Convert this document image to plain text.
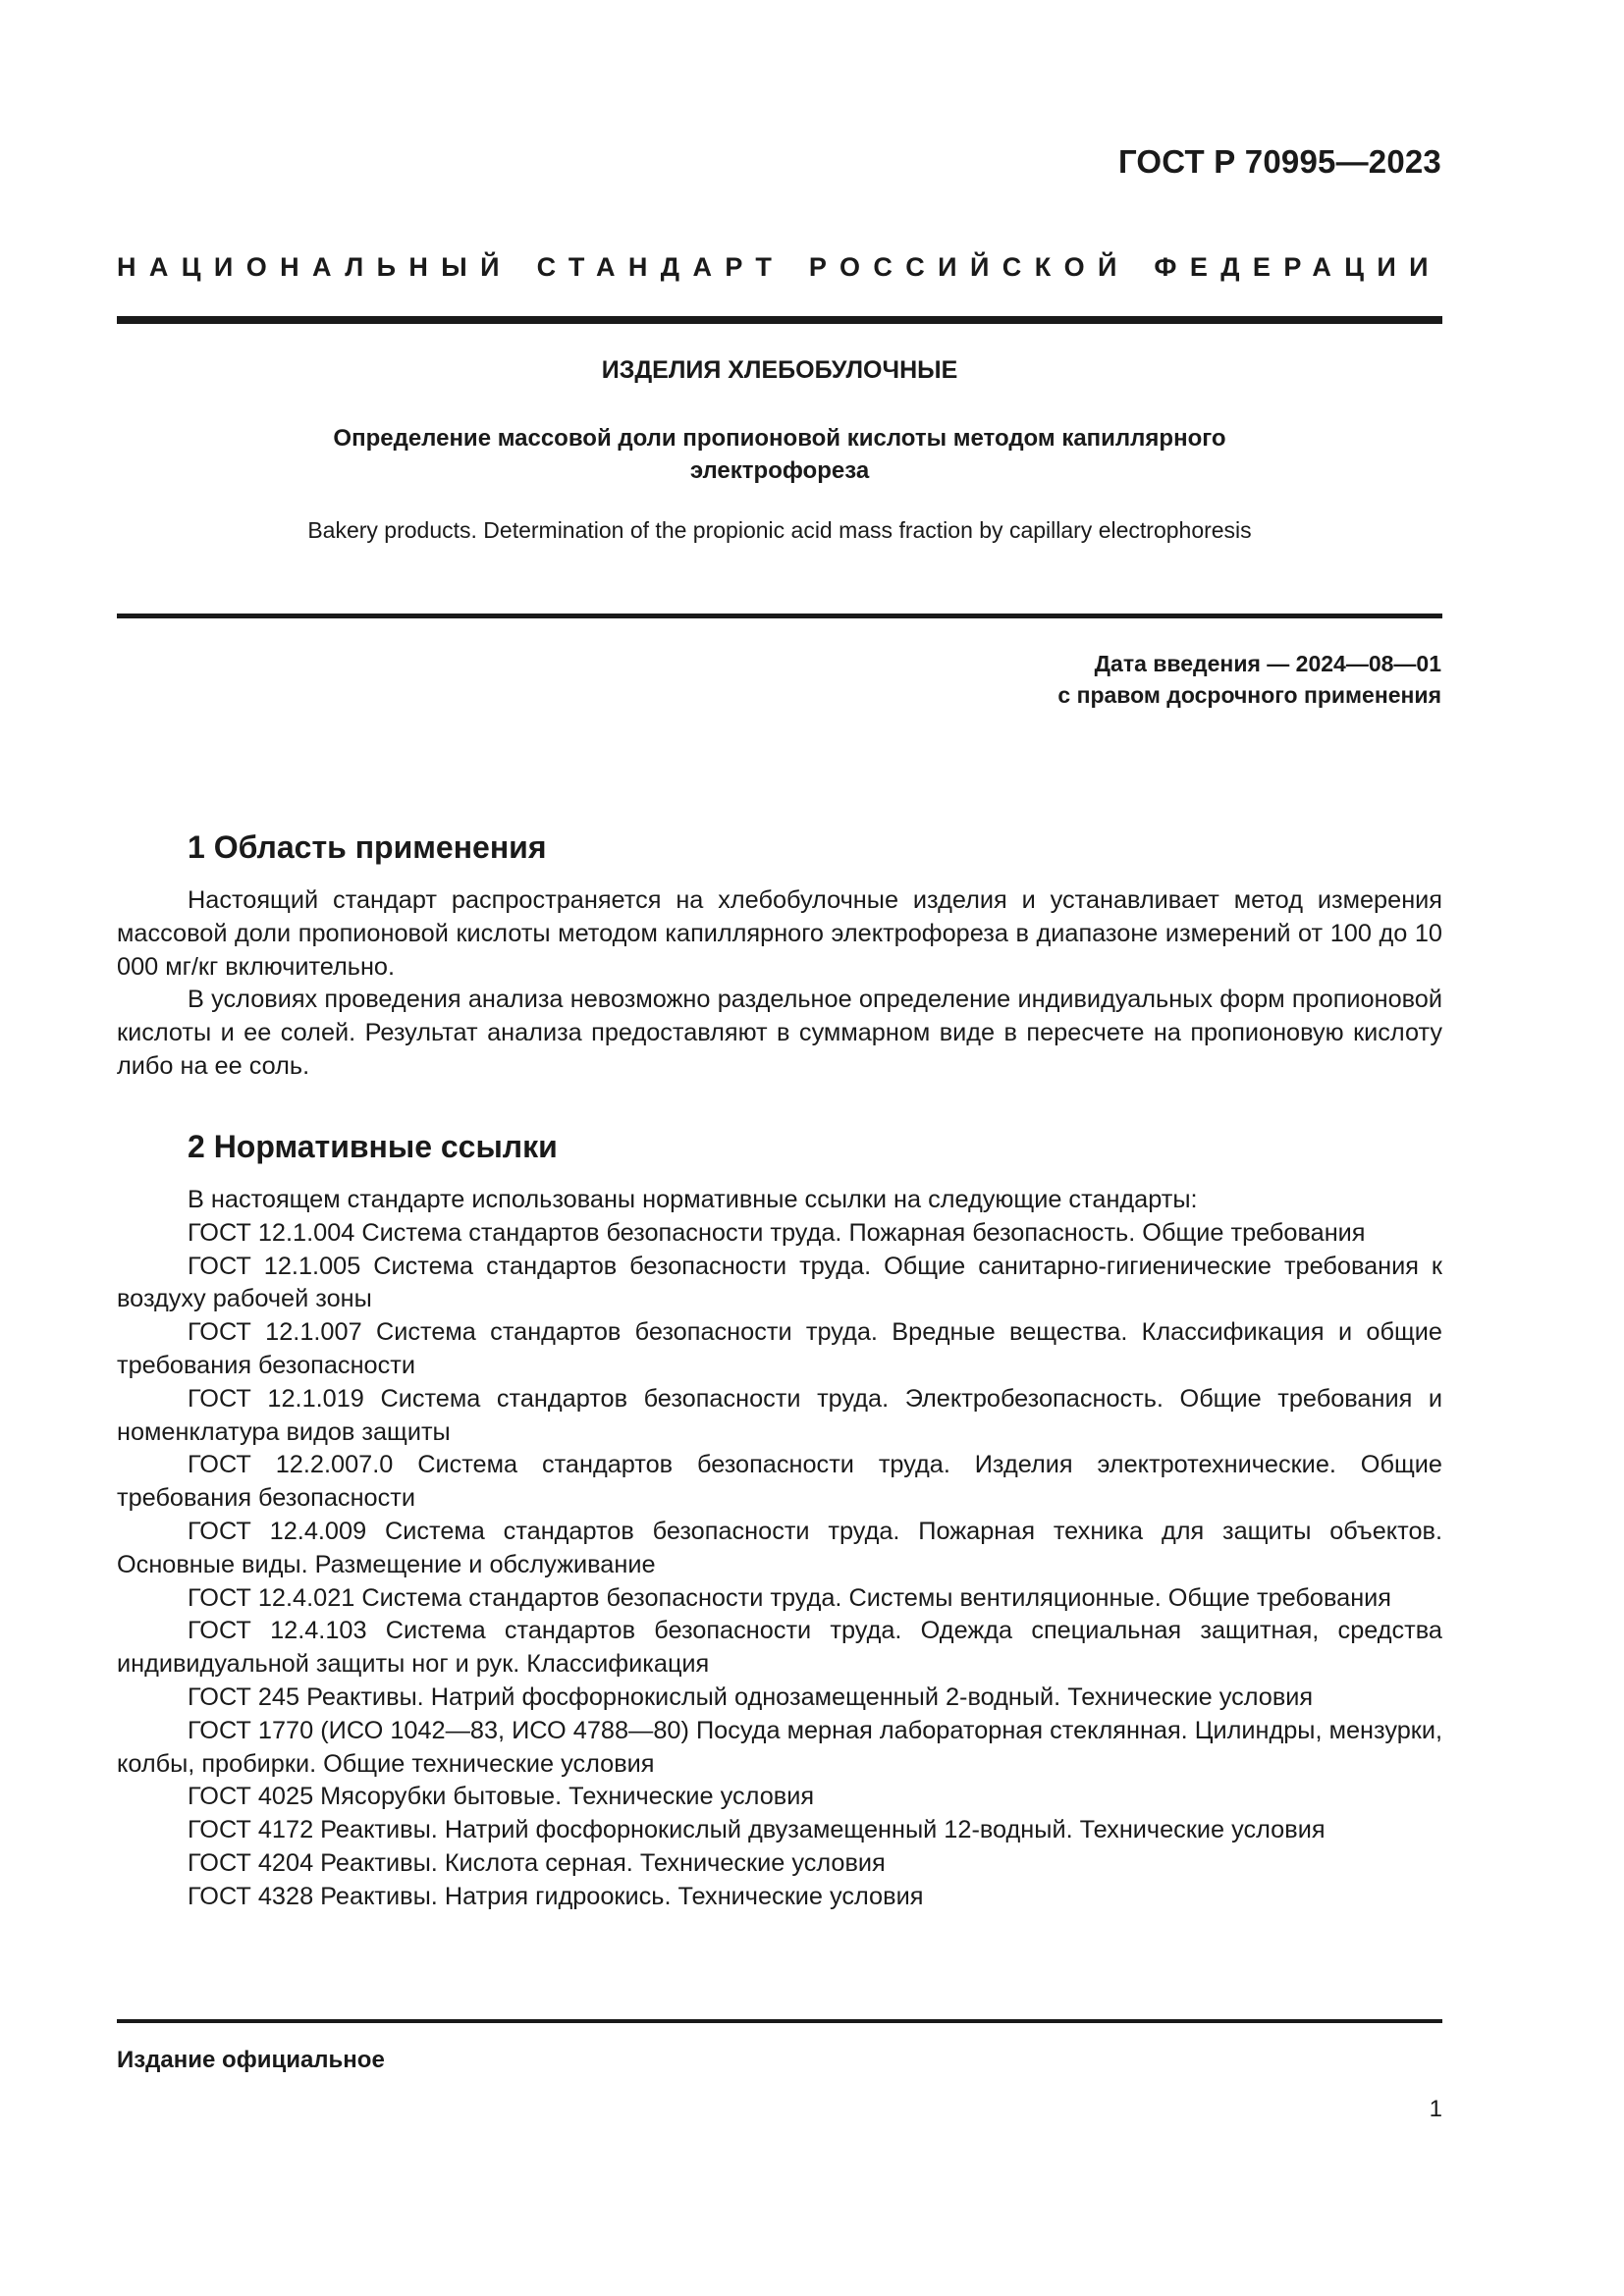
ГОСТ Р 70995—2023
НАЦИОНАЛЬНЫЙ СТАНДАРТ РОССИЙСКОЙ ФЕДЕРАЦИИ
ИЗДЕЛИЯ ХЛЕБОБУЛОЧНЫЕ
Определение массовой доли пропионовой кислоты методом капиллярного электрофореза
Bakery products. Determination of the propionic acid mass fraction by capillary electrophoresis
Дата введения — 2024—08—01
с правом досрочного применения
1 Область применения

Настоящий стандарт распространяется на хлебобулочные изделия и устанавливает метод измерения массовой доли пропионовой кислоты методом капиллярного электрофореза в диапазоне измерений от 100 до 10 000 мг/кг включительно.

В условиях проведения анализа невозможно раздельное определение индивидуальных форм пропионовой кислоты и ее солей. Результат анализа предоставляют в суммарном виде в пересчете на пропионовую кислоту либо на ее соль.

2 Нормативные ссылки

В настоящем стандарте использованы нормативные ссылки на следующие стандарты:

ГОСТ 12.1.004 Система стандартов безопасности труда. Пожарная безопасность. Общие требования

ГОСТ 12.1.005 Система стандартов безопасности труда. Общие санитарно-гигиенические требования к воздуху рабочей зоны

ГОСТ 12.1.007 Система стандартов безопасности труда. Вредные вещества. Классификация и общие требования безопасности

ГОСТ 12.1.019 Система стандартов безопасности труда. Электробезопасность. Общие требования и номенклатура видов защиты

ГОСТ 12.2.007.0 Система стандартов безопасности труда. Изделия электротехнические. Общие требования безопасности

ГОСТ 12.4.009 Система стандартов безопасности труда. Пожарная техника для защиты объектов. Основные виды. Размещение и обслуживание

ГОСТ 12.4.021 Система стандартов безопасности труда. Системы вентиляционные. Общие требования

ГОСТ 12.4.103 Система стандартов безопасности труда. Одежда специальная защитная, средства индивидуальной защиты ног и рук. Классификация

ГОСТ 245 Реактивы. Натрий фосфорнокислый однозамещенный 2-водный. Технические условия

ГОСТ 1770 (ИСО 1042—83, ИСО 4788—80) Посуда мерная лабораторная стеклянная. Цилиндры, мензурки, колбы, пробирки. Общие технические условия

ГОСТ 4025 Мясорубки бытовые. Технические условия

ГОСТ 4172 Реактивы. Натрий фосфорнокислый двузамещенный 12-водный. Технические условия

ГОСТ 4204 Реактивы. Кислота серная. Технические условия

ГОСТ 4328 Реактивы. Натрия гидроокись. Технические условия

Издание официальное
1
